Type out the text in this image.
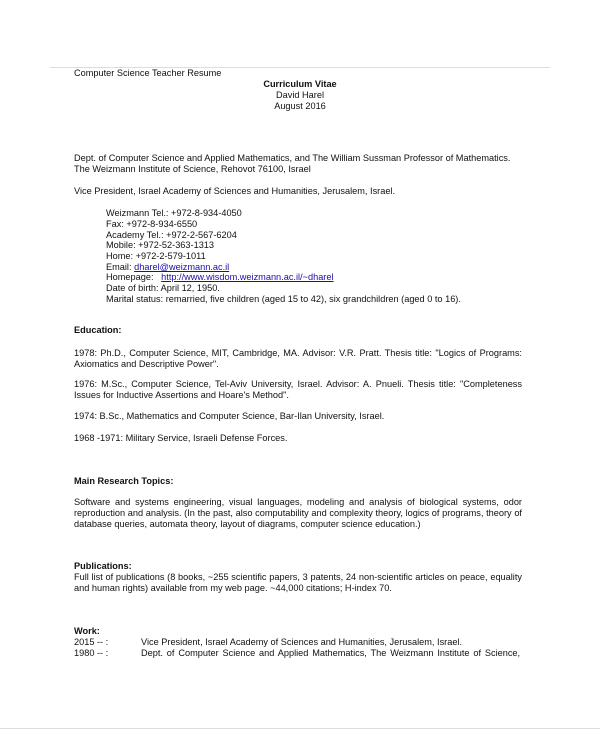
Computer Science Teacher Resume
Curriculum Vitae
David Harel
August 2016
Dept. of Computer Science and Applied Mathematics, and The William Sussman Professor of Mathematics.
The Weizmann Institute of Science, Rehovot 76100, Israel
Vice President, Israel Academy of Sciences and Humanities, Jerusalem, Israel.
Weizmann Tel.: +972-8-934-4050
Fax: +972-8-934-6550
Academy Tel.: +972-2-567-6204
Mobile: +972-52-363-1313
Home: +972-2-579-1011
Email: dharel@weizmann.ac.il
Homepage:   http://www.wisdom.weizmann.ac.il/~dharel
Date of birth: April 12, 1950.
Marital status: remarried, five children (aged 15 to 42), six grandchildren (aged 0 to 16).
Education:
1978: Ph.D., Computer Science, MIT, Cambridge, MA. Advisor: V.R. Pratt. Thesis title: "Logics of Programs: Axiomatics and Descriptive Power".
1976: M.Sc., Computer Science, Tel-Aviv University, Israel. Advisor: A. Pnueli. Thesis title: "Completeness Issues for Inductive Assertions and Hoare's Method".
1974: B.Sc., Mathematics and Computer Science, Bar-Ilan University, Israel.
1968 -1971: Military Service, Israeli Defense Forces.
Main Research Topics:
Software and systems engineering, visual languages, modeling and analysis of biological systems, odor reproduction and analysis. (In the past, also computability and complexity theory, logics of programs, theory of database queries, automata theory, layout of diagrams, computer science education.)
Publications:
Full list of publications (8 books, ~255 scientific papers, 3 patents, 24 non-scientific articles on peace, equality and human rights) available from my web page. ~44,000 citations; H-index 70.
Work:
2015 -- :	Vice President, Israel Academy of Sciences and Humanities, Jerusalem, Israel.
1980 -- :	Dept. of Computer Science and Applied Mathematics, The Weizmann Institute of Science,
